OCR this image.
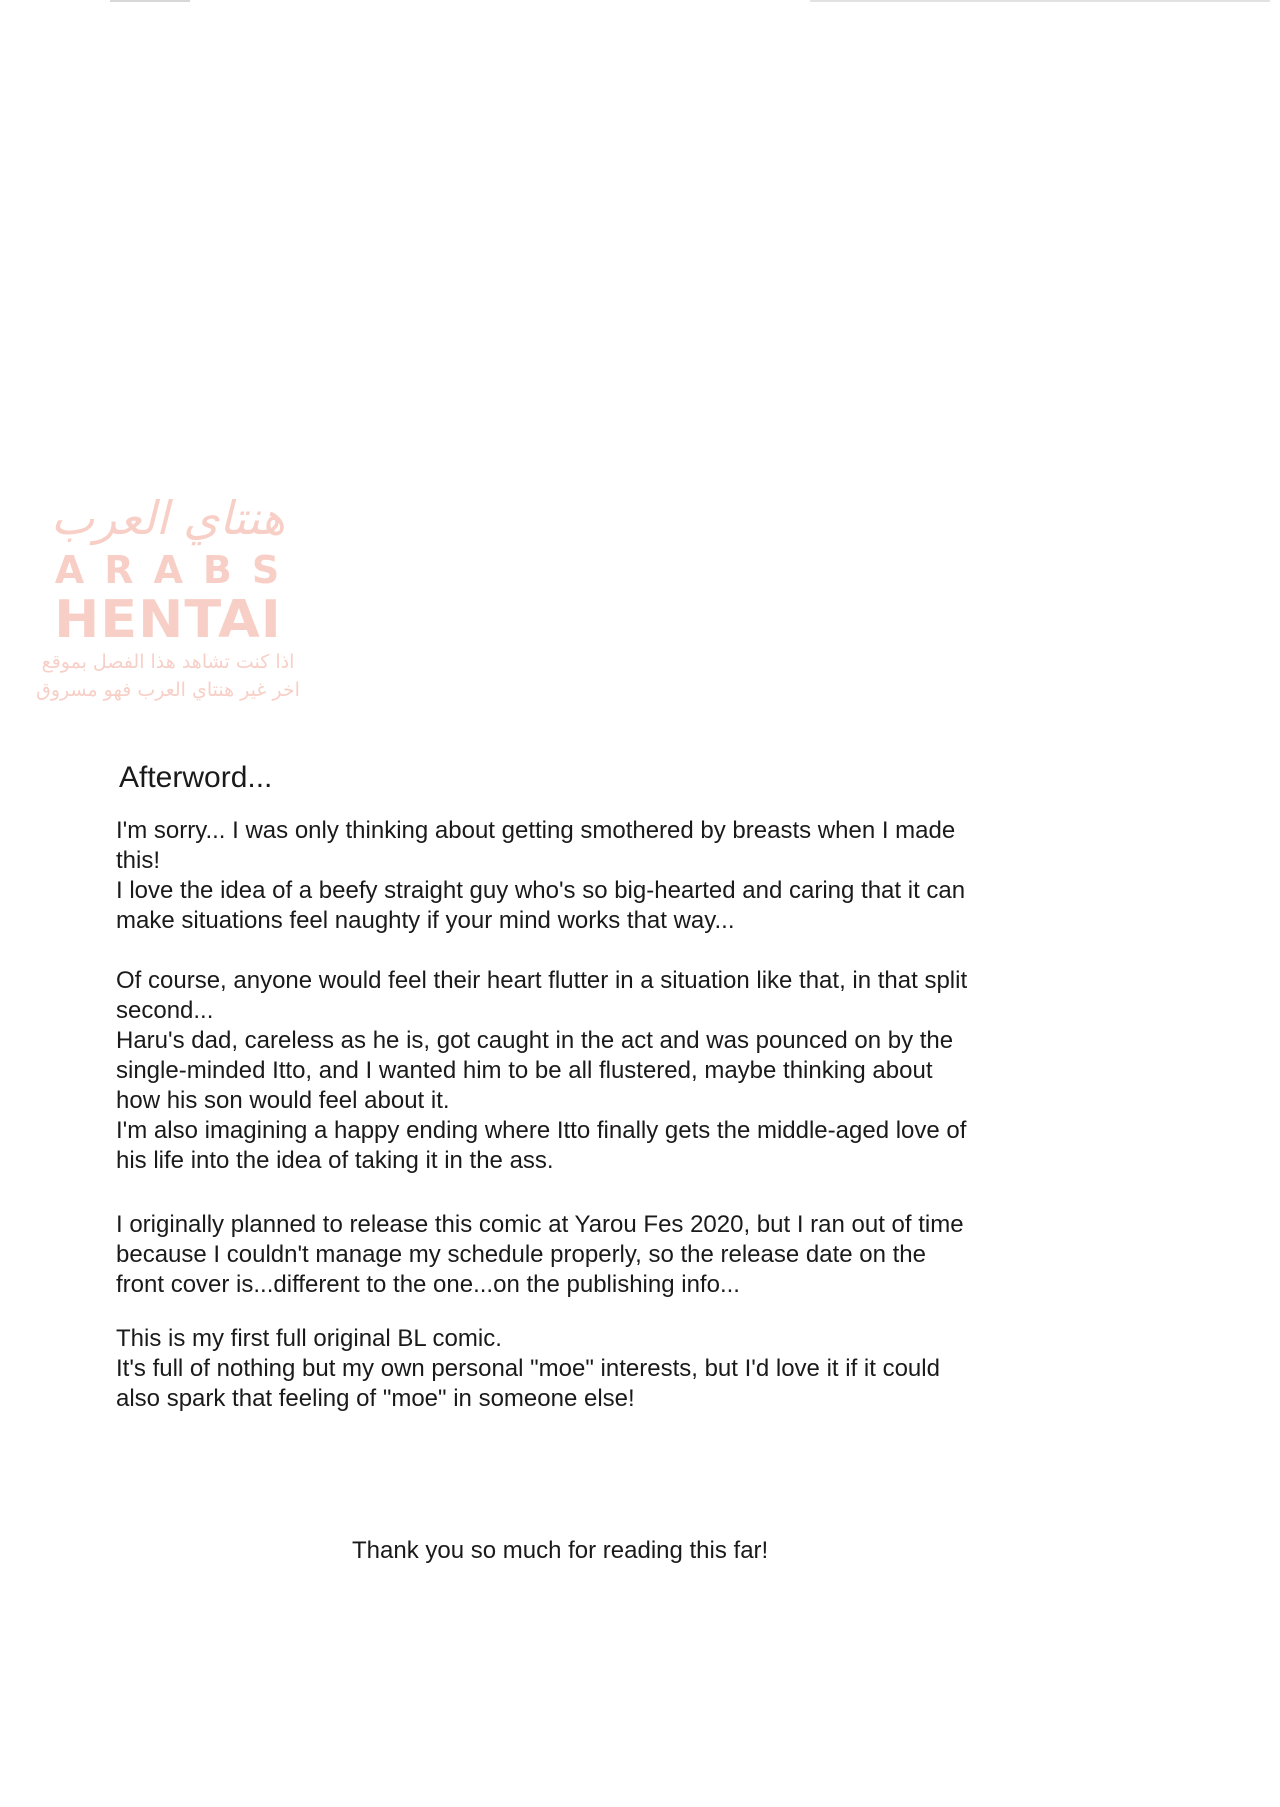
هنتاي العرب
ARABS
HENTAI
اذا كنت تشاهد هذا الفصل بموقع
اخر غير هنتاي العرب فهو مسروق
Afterword...

I'm sorry... I was only thinking about getting smothered by breasts when I made
this!
I love the idea of a beefy straight guy who's so big-hearted and caring that it can
make situations feel naughty if your mind works that way...

Of course, anyone would feel their heart flutter in a situation like that, in that split
second...
Haru's dad, careless as he is, got caught in the act and was pounced on by the
single-minded Itto, and I wanted him to be all flustered, maybe thinking about
how his son would feel about it.
I'm also imagining a happy ending where Itto finally gets the middle-aged love of
his life into the idea of taking it in the ass.

I originally planned to release this comic at Yarou Fes 2020, but I ran out of time
because I couldn't manage my schedule properly, so the release date on the
front cover is...different to the one...on the publishing info...

This is my first full original BL comic.
It's full of nothing but my own personal "moe" interests, but I'd love it if it could
also spark that feeling of "moe" in someone else!

Thank you so much for reading this far!
